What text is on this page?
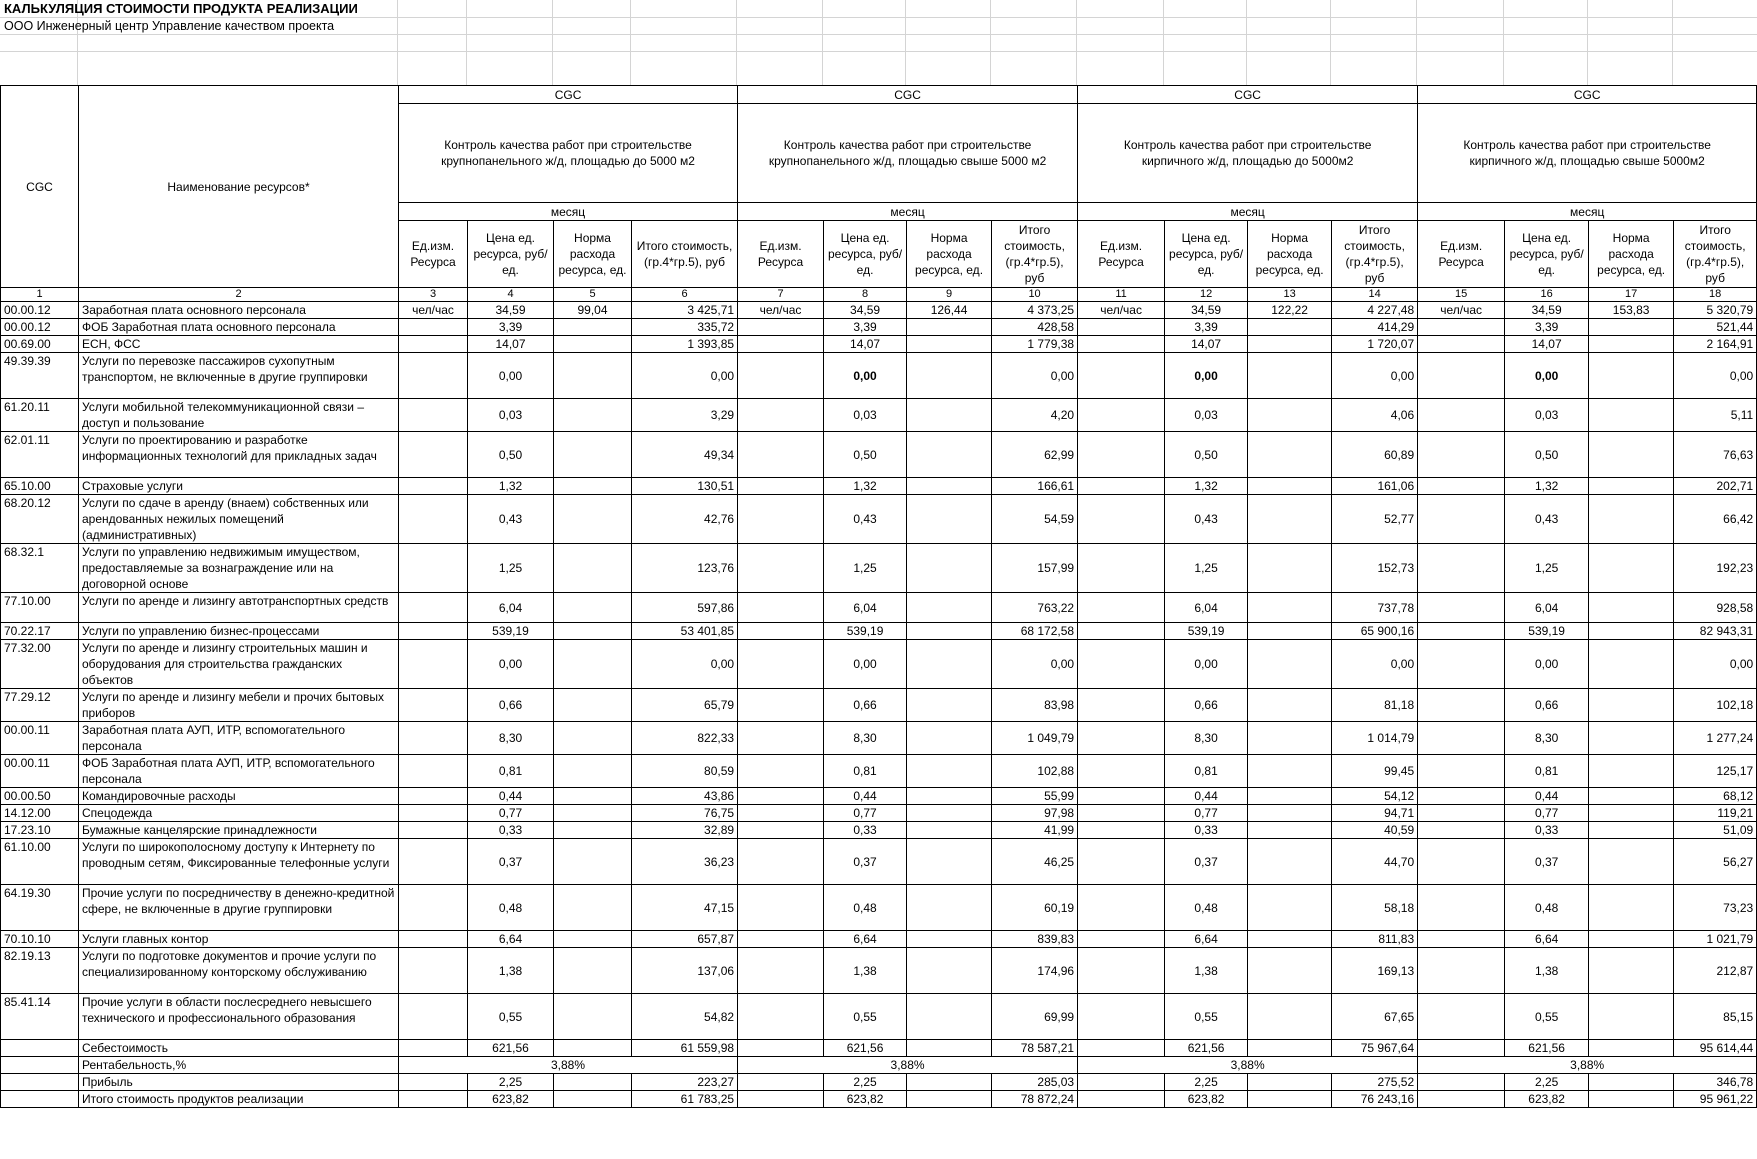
КАЛЬКУЛЯЦИЯ СТОИМОСТИ ПРОДУКТА РЕАЛИЗАЦИИ
ООО Инженерный центр Управление качеством проекта
CGC	Наименование ресурсов*	CGC				CGC				CGC				CGC			
		Контроль качества работ при строительстве крупнопанельного ж/д, площадью до 5000 м2				Контроль качества работ при строительстве крупнопанельного ж/д, площадью свыше 5000 м2				Контроль качества работ при строительстве кирпичного ж/д, площадью до 5000м2				Контроль качества работ при строительстве кирпичного ж/д, площадью свыше 5000м2			
		месяц				месяц				месяц				месяц			
		Ед.изм. Ресурса	Цена ед. ресурса, руб/ед.	Норма расхода ресурса, ед.	Итого стоимость, (гр.4*гр.5), руб	Ед.изм. Ресурса	Цена ед. ресурса, руб/ед.	Норма расхода ресурса, ед.	Итого стоимость, (гр.4*гр.5), руб	Ед.изм. Ресурса	Цена ед. ресурса, руб/ед.	Норма расхода ресурса, ед.	Итого стоимость, (гр.4*гр.5), руб	Ед.изм. Ресурса	Цена ед. ресурса, руб/ед.	Норма расхода ресурса, ед.	Итого стоимость, (гр.4*гр.5), руб
1	2	3	4	5	6	7	8	9	10	11	12	13	14	15	16	17	18
00.00.12	Заработная плата основного персонала	чел/час	34,59	99,04	3 425,71	чел/час	34,59	126,44	4 373,25	чел/час	34,59	122,22	4 227,48	чел/час	34,59	153,83	5 320,79
00.00.12	ФОБ Заработная плата основного персонала		3,39		335,72		3,39		428,58		3,39		414,29		3,39		521,44
00.69.00	ЕСН, ФСС		14,07		1 393,85		14,07		1 779,38		14,07		1 720,07		14,07		2 164,91
49.39.39	Услуги по перевозке пассажиров сухопутным транспортом, не включенные в другие группировки		0,00		0,00		0,00		0,00		0,00		0,00		0,00		0,00
61.20.11	Услуги мобильной телекоммуникационной связи – доступ и пользование		0,03		3,29		0,03		4,20		0,03		4,06		0,03		5,11
62.01.11	Услуги по проектированию и разработке информационных технологий для прикладных задач		0,50		49,34		0,50		62,99		0,50		60,89		0,50		76,63
65.10.00	Страховые услуги		1,32		130,51		1,32		166,61		1,32		161,06		1,32		202,71
68.20.12	Услуги по сдаче в аренду (внаем) собственных или арендованных нежилых помещений (административных)		0,43		42,76		0,43		54,59		0,43		52,77		0,43		66,42
68.32.1	Услуги по управлению недвижимым имуществом, предоставляемые за вознаграждение или на договорной основе		1,25		123,76		1,25		157,99		1,25		152,73		1,25		192,23
77.10.00	Услуги по аренде и лизингу автотранспортных средств		6,04		597,86		6,04		763,22		6,04		737,78		6,04		928,58
70.22.17	Услуги по управлению бизнес-процессами		539,19		53 401,85		539,19		68 172,58		539,19		65 900,16		539,19		82 943,31
77.32.00	Услуги по аренде и лизингу строительных машин и оборудования для строительства гражданских объектов		0,00		0,00		0,00		0,00		0,00		0,00		0,00		0,00
77.29.12	Услуги по аренде и лизингу мебели и прочих бытовых приборов		0,66		65,79		0,66		83,98		0,66		81,18		0,66		102,18
00.00.11	Заработная плата АУП, ИТР, вспомогательного персонала		8,30		822,33		8,30		1 049,79		8,30		1 014,79		8,30		1 277,24
00.00.11	ФОБ Заработная плата АУП, ИТР, вспомогательного персонала		0,81		80,59		0,81		102,88		0,81		99,45		0,81		125,17
00.00.50	Командировочные расходы		0,44		43,86		0,44		55,99		0,44		54,12		0,44		68,12
14.12.00	Спецодежда		0,77		76,75		0,77		97,98		0,77		94,71		0,77		119,21
17.23.10	Бумажные канцелярские принадлежности		0,33		32,89		0,33		41,99		0,33		40,59		0,33		51,09
61.10.00	Услуги по широкополосному доступу к Интернету по проводным сетям, Фиксированные телефонные услуги		0,37		36,23		0,37		46,25		0,37		44,70		0,37		56,27
64.19.30	Прочие услуги по посредничеству в денежно-кредитной сфере, не включенные в другие группировки		0,48		47,15		0,48		60,19		0,48		58,18		0,48		73,23
70.10.10	Услуги главных контор		6,64		657,87		6,64		839,83		6,64		811,83		6,64		1 021,79
82.19.13	Услуги по подготовке документов и прочие услуги по специализированному конторскому обслуживанию		1,38		137,06		1,38		174,96		1,38		169,13		1,38		212,87
85.41.14	Прочие услуги в области послесреднего невысшего технического и профессионального образования		0,55		54,82		0,55		69,99		0,55		67,65		0,55		85,15
	Себестоимость		621,56		61 559,98		621,56		78 587,21		621,56		75 967,64		621,56		95 614,44
	Рентабельность,%	3,88%				3,88%				3,88%				3,88%			
	Прибыль		2,25		223,27		2,25		285,03		2,25		275,52		2,25		346,78
	Итого стоимость продуктов реализации		623,82		61 783,25		623,82		78 872,24		623,82		76 243,16		623,82		95 961,22
